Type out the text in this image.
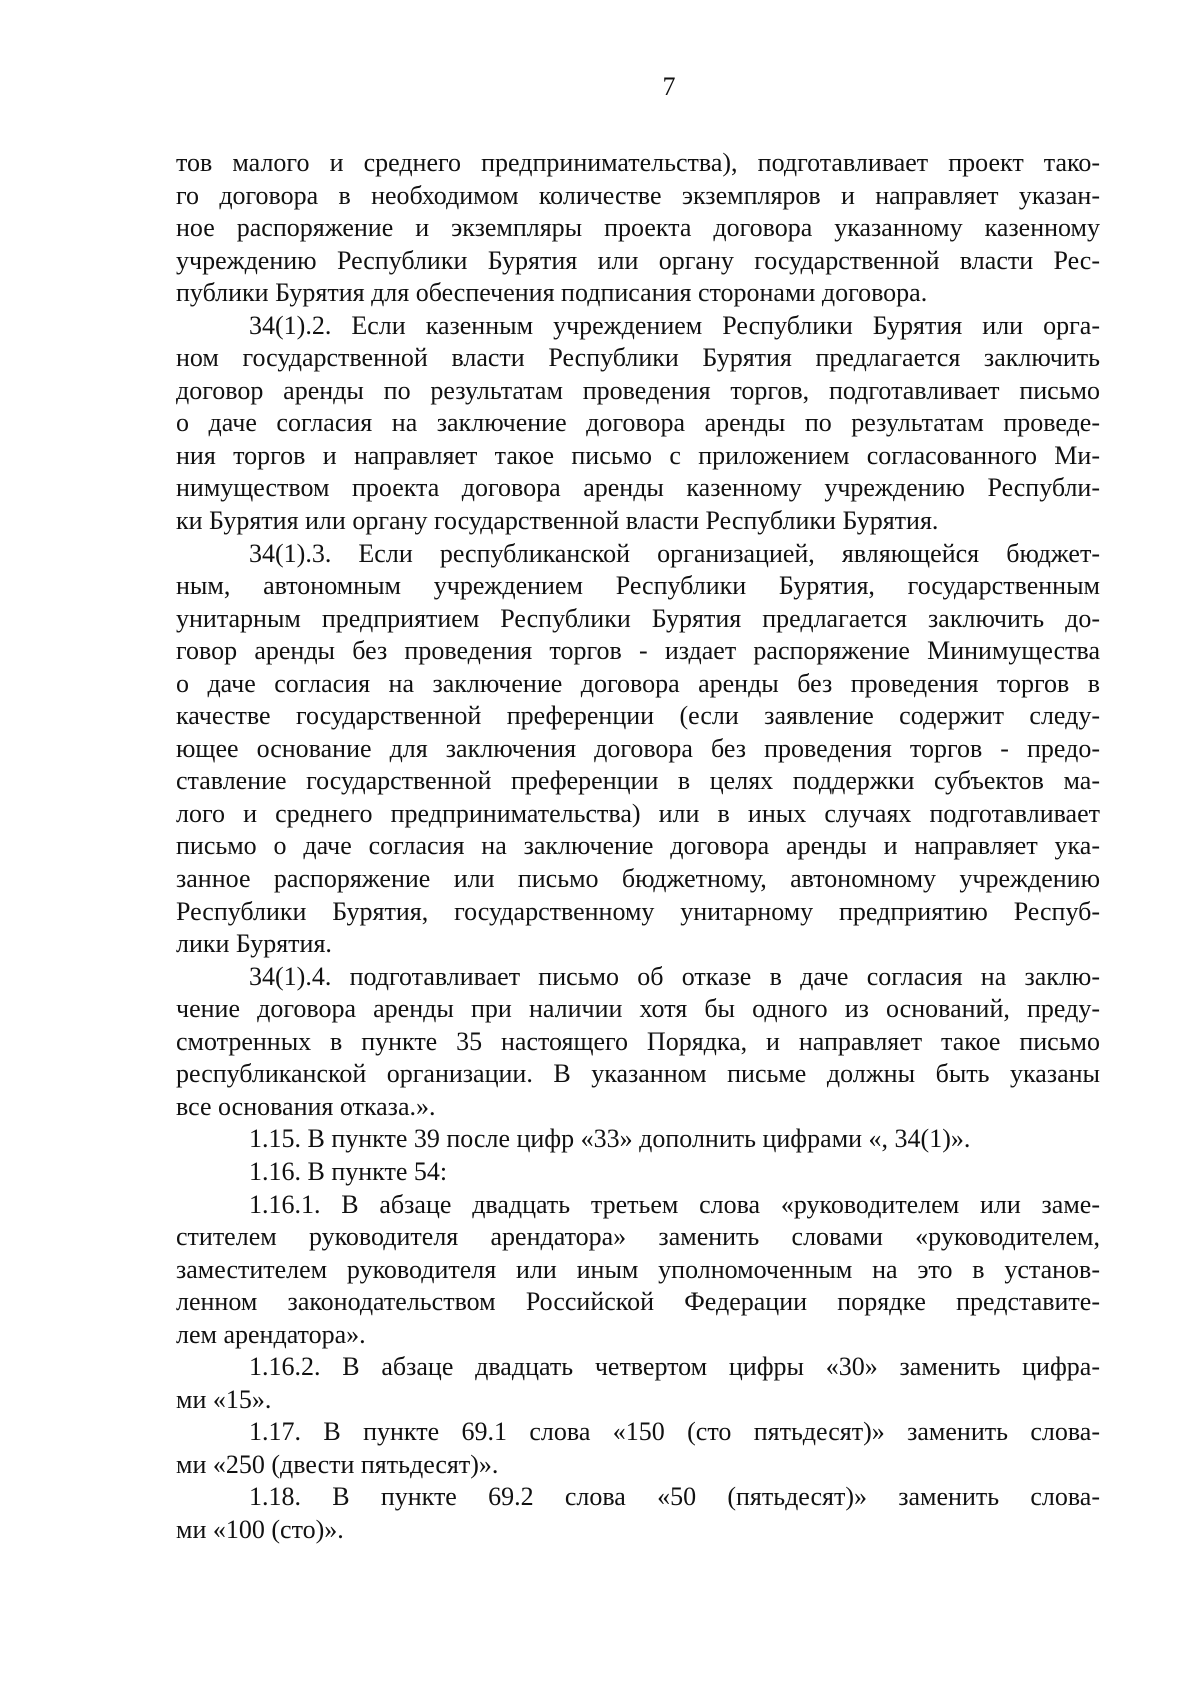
7
тов малого и среднего предпринимательства), подготавливает проект тако-
го договора в необходимом количестве экземпляров и направляет указан-
ное распоряжение и экземпляры проекта договора указанному казенному
учреждению Республики Бурятия или органу государственной власти Рес-
публики Бурятия для обеспечения подписания сторонами договора.
34(1).2. Если казенным учреждением Республики Бурятия или орга-
ном государственной власти Республики Бурятия предлагается заключить
договор аренды по результатам проведения торгов, подготавливает письмо
о даче согласия на заключение договора аренды по результатам проведе-
ния торгов и направляет такое письмо с приложением согласованного Ми-
нимуществом проекта договора аренды казенному учреждению Республи-
ки Бурятия или органу государственной власти Республики Бурятия.
34(1).3. Если республиканской организацией, являющейся бюджет-
ным, автономным учреждением Республики Бурятия, государственным
унитарным предприятием Республики Бурятия предлагается заключить до-
говор аренды без проведения торгов - издает распоряжение Минимущества
о даче согласия на заключение договора аренды без проведения торгов в
качестве государственной преференции (если заявление содержит следу-
ющее основание для заключения договора без проведения торгов - предо-
ставление государственной преференции в целях поддержки субъектов ма-
лого и среднего предпринимательства) или в иных случаях подготавливает
письмо о даче согласия на заключение договора аренды и направляет ука-
занное распоряжение или письмо бюджетному, автономному учреждению
Республики Бурятия, государственному унитарному предприятию Респуб-
лики Бурятия.
34(1).4. подготавливает письмо об отказе в даче согласия на заклю-
чение договора аренды при наличии хотя бы одного из оснований, преду-
смотренных в пункте 35 настоящего Порядка, и направляет такое письмо
республиканской организации. В указанном письме должны быть указаны
все основания отказа.».
1.15. В пункте 39 после цифр «33» дополнить цифрами «, 34(1)».
1.16. В пункте 54:
1.16.1. В абзаце двадцать третьем слова «руководителем или заме-
стителем руководителя арендатора» заменить словами «руководителем,
заместителем руководителя или иным уполномоченным на это в установ-
ленном законодательством Российской Федерации порядке представите-
лем арендатора».
1.16.2. В абзаце двадцать четвертом цифры «30» заменить цифра-
ми «15».
1.17. В пункте 69.1 слова «150 (сто пятьдесят)» заменить слова-
ми «250 (двести пятьдесят)».
1.18. В пункте 69.2 слова «50 (пятьдесят)» заменить слова-
ми «100 (сто)».
